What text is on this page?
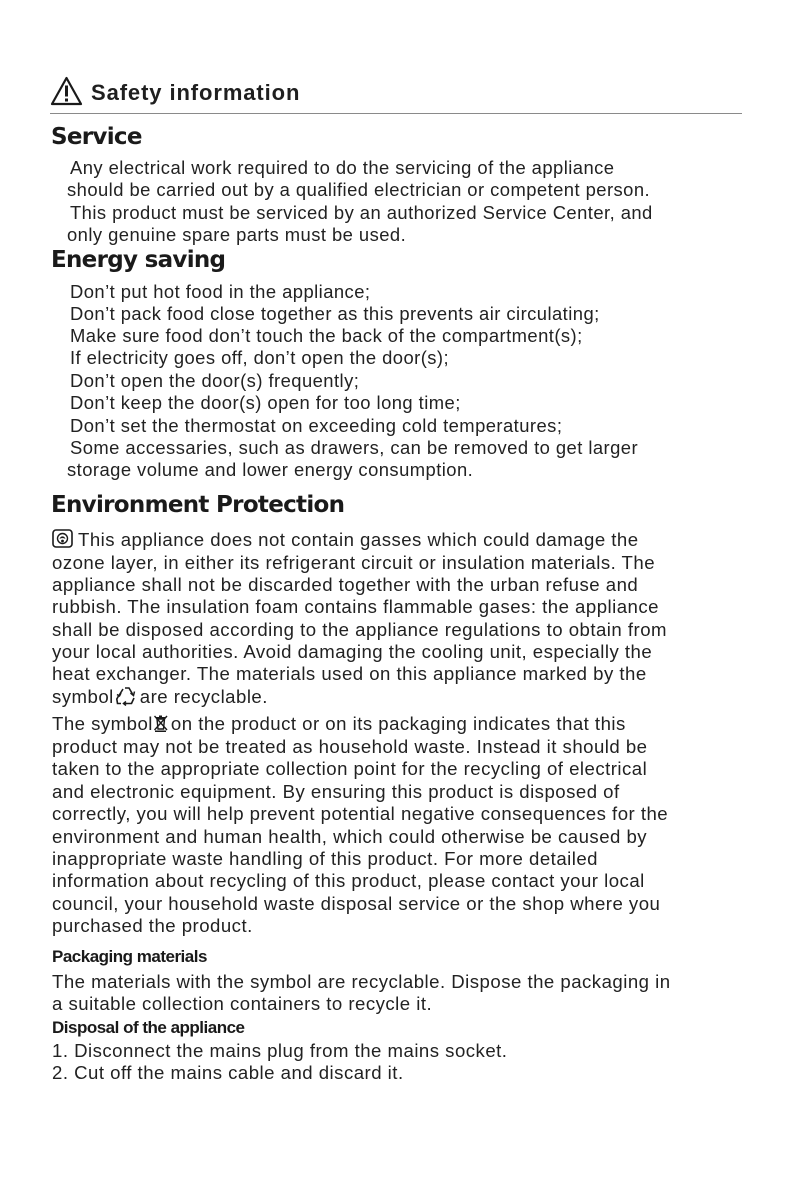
Safety information
Service
Any electrical work required to do the servicing of the appliance
should be carried out by a qualified electrician or competent person.
This product must be serviced by an authorized Service Center, and
only genuine spare parts must be used.
Energy saving
Don’t put hot food in the appliance;
Don’t pack food close together as this prevents air circulating;
Make sure food don’t touch the back of the compartment(s);
If electricity goes off, don’t open the door(s);
Don’t open the door(s) frequently;
Don’t keep the door(s) open for too long time;
Don’t set the thermostat on exceeding cold temperatures;
Some accessaries, such as drawers, can be removed to get larger
storage volume and lower energy consumption.
Environment Protection
This appliance does not contain gasses which could damage the
ozone layer, in either its refrigerant circuit or insulation materials. The
appliance shall not be discarded together with the urban refuse and
rubbish. The insulation foam contains flammable gases: the appliance
shall be disposed according to the appliance regulations to obtain from
your local authorities. Avoid damaging the cooling unit, especially the
heat exchanger. The materials used on this appliance marked by the
symbol are recyclable.
The symbol on the product or on its packaging indicates that this
product may not be treated as household waste. Instead it should be
taken to the appropriate collection point for the recycling of electrical
and electronic equipment. By ensuring this product is disposed of
correctly, you will help prevent potential negative consequences for the
environment and human health, which could otherwise be caused by
inappropriate waste handling of this product. For more detailed
information about recycling of this product, please contact your local
council, your household waste disposal service or the shop where you
purchased the product.
Packaging materials
The materials with the symbol are recyclable. Dispose the packaging in
a suitable collection containers to recycle it.
Disposal of the appliance
1. Disconnect the mains plug from the mains socket.
2. Cut off the mains cable and discard it.
